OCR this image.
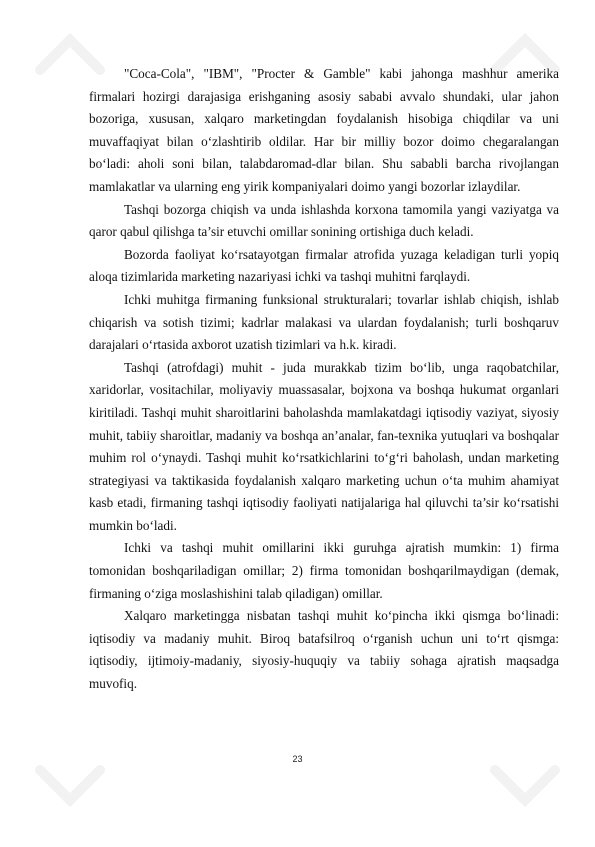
"Coca-Cola", "IBM", "Procter & Gamble" kabi jahonga mashhur amerika firmalari hozirgi darajasiga erishganing asosiy sababi avvalo shundaki, ular jahon bozoriga, xususan, xalqaro marketingdan foydalanish hisobiga chiqdilar va uni muvaffaqiyat bilan o‘zlashtirib oldilar. Har bir milliy bozor doimo chegaralangan bo‘ladi: aholi soni bilan, talabdaromad-dlar bilan. Shu sababli barcha rivojlangan mamlakatlar va ularning eng yirik kompaniyalari doimo yangi bozorlar izlaydilar.

Tashqi bozorga chiqish va unda ishlashda korxona tamomila yangi vaziyatga va qaror qabul qilishga ta’sir etuvchi omillar sonining ortishiga duch keladi.

Bozorda faoliyat ko‘rsatayotgan firmalar atrofida yuzaga keladigan turli yopiq aloqa tizimlarida marketing nazariyasi ichki va tashqi muhitni farqlaydi.

Ichki muhitga firmaning funksional strukturalari; tovarlar ishlab chiqish, ishlab chiqarish va sotish tizimi; kadrlar malakasi va ulardan foydalanish; turli boshqaruv darajalari o‘rtasida axborot uzatish tizimlari va h.k. kiradi.

Tashqi (atrofdagi) muhit - juda murakkab tizim bo‘lib, unga raqobatchilar, xaridorlar, vositachilar, moliyaviy muassasalar, bojxona va boshqa hukumat organlari kiritiladi. Tashqi muhit sharoitlarini baholashda mamlakatdagi iqtisodiy vaziyat, siyosiy muhit, tabiiy sharoitlar, madaniy va boshqa an’analar, fan-texnika yutuqlari va boshqalar muhim rol o‘ynaydi. Tashqi muhit ko‘rsatkichlarini to‘g‘ri baholash, undan marketing strategiyasi va taktikasida foydalanish xalqaro marketing uchun o‘ta muhim ahamiyat kasb etadi, firmaning tashqi iqtisodiy faoliyati natijalariga hal qiluvchi ta’sir ko‘rsatishi mumkin bo‘ladi.

Ichki va tashqi muhit omillarini ikki guruhga ajratish mumkin: 1) firma tomonidan boshqariladigan omillar; 2) firma tomonidan boshqarilmaydigan (demak, firmaning o‘ziga moslashishini talab qiladigan) omillar.

Xalqaro marketingga nisbatan tashqi muhit ko‘pincha ikki qismga bo‘linadi: iqtisodiy va madaniy muhit. Biroq batafsilroq o‘rganish uchun uni to‘rt qismga: iqtisodiy, ijtimoiy-madaniy, siyosiy-huquqiy va tabiiy sohaga ajratish maqsadga muvofiq.

23
